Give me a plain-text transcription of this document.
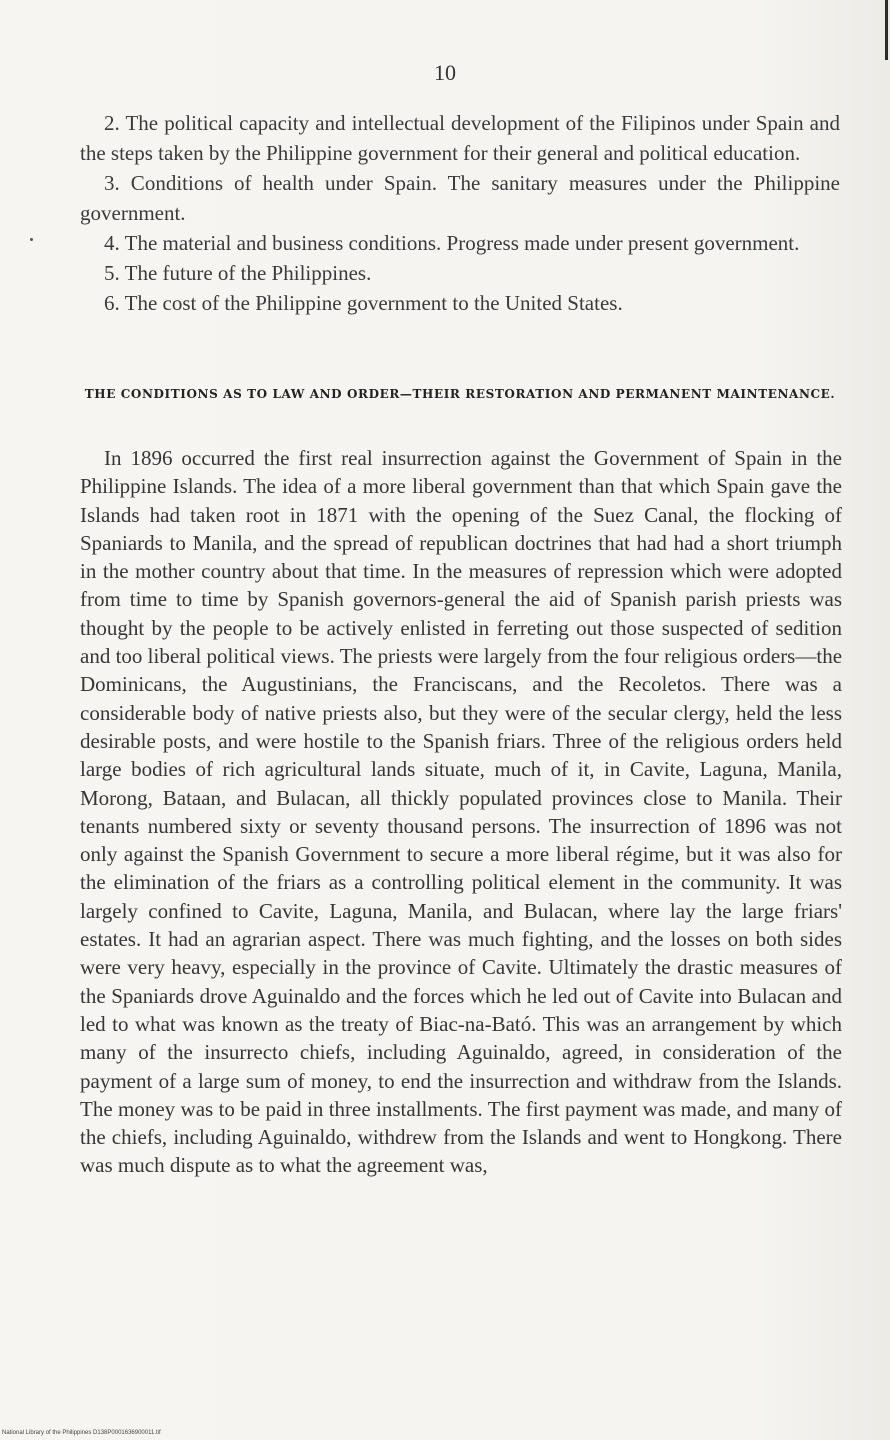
10

2. The political capacity and intellectual development of the Filipinos under Spain and the steps taken by the Philippine government for their general and political education.

3. Conditions of health under Spain. The sanitary measures under the Philippine government.

4. The material and business conditions. Progress made under present government.

5. The future of the Philippines.

6. The cost of the Philippine government to the United States.

THE CONDITIONS AS TO LAW AND ORDER—THEIR RESTORATION AND PERMANENT MAINTENANCE.

In 1896 occurred the first real insurrection against the Government of Spain in the Philippine Islands. The idea of a more liberal government than that which Spain gave the Islands had taken root in 1871 with the opening of the Suez Canal, the flocking of Spaniards to Manila, and the spread of republican doctrines that had had a short triumph in the mother country about that time. In the measures of repression which were adopted from time to time by Spanish governors-general the aid of Spanish parish priests was thought by the people to be actively enlisted in ferreting out those suspected of sedition and too liberal political views. The priests were largely from the four religious orders—the Dominicans, the Augustinians, the Franciscans, and the Recoletos. There was a considerable body of native priests also, but they were of the secular clergy, held the less desirable posts, and were hostile to the Spanish friars. Three of the religious orders held large bodies of rich agricultural lands situate, much of it, in Cavite, Laguna, Manila, Morong, Bataan, and Bulacan, all thickly populated provinces close to Manila. Their tenants numbered sixty or seventy thousand persons. The insurrection of 1896 was not only against the Spanish Government to secure a more liberal régime, but it was also for the elimination of the friars as a controlling political element in the community. It was largely confined to Cavite, Laguna, Manila, and Bulacan, where lay the large friars' estates. It had an agrarian aspect. There was much fighting, and the losses on both sides were very heavy, especially in the province of Cavite. Ultimately the drastic measures of the Spaniards drove Aguinaldo and the forces which he led out of Cavite into Bulacan and led to what was known as the treaty of Biac-na-Bató. This was an arrangement by which many of the insurrecto chiefs, including Aguinaldo, agreed, in consideration of the payment of a large sum of money, to end the insurrection and withdraw from the Islands. The money was to be paid in three installments. The first payment was made, and many of the chiefs, including Aguinaldo, withdrew from the Islands and went to Hongkong. There was much dispute as to what the agreement was,

National Library of the Philippines D138P0001636900011.tif
